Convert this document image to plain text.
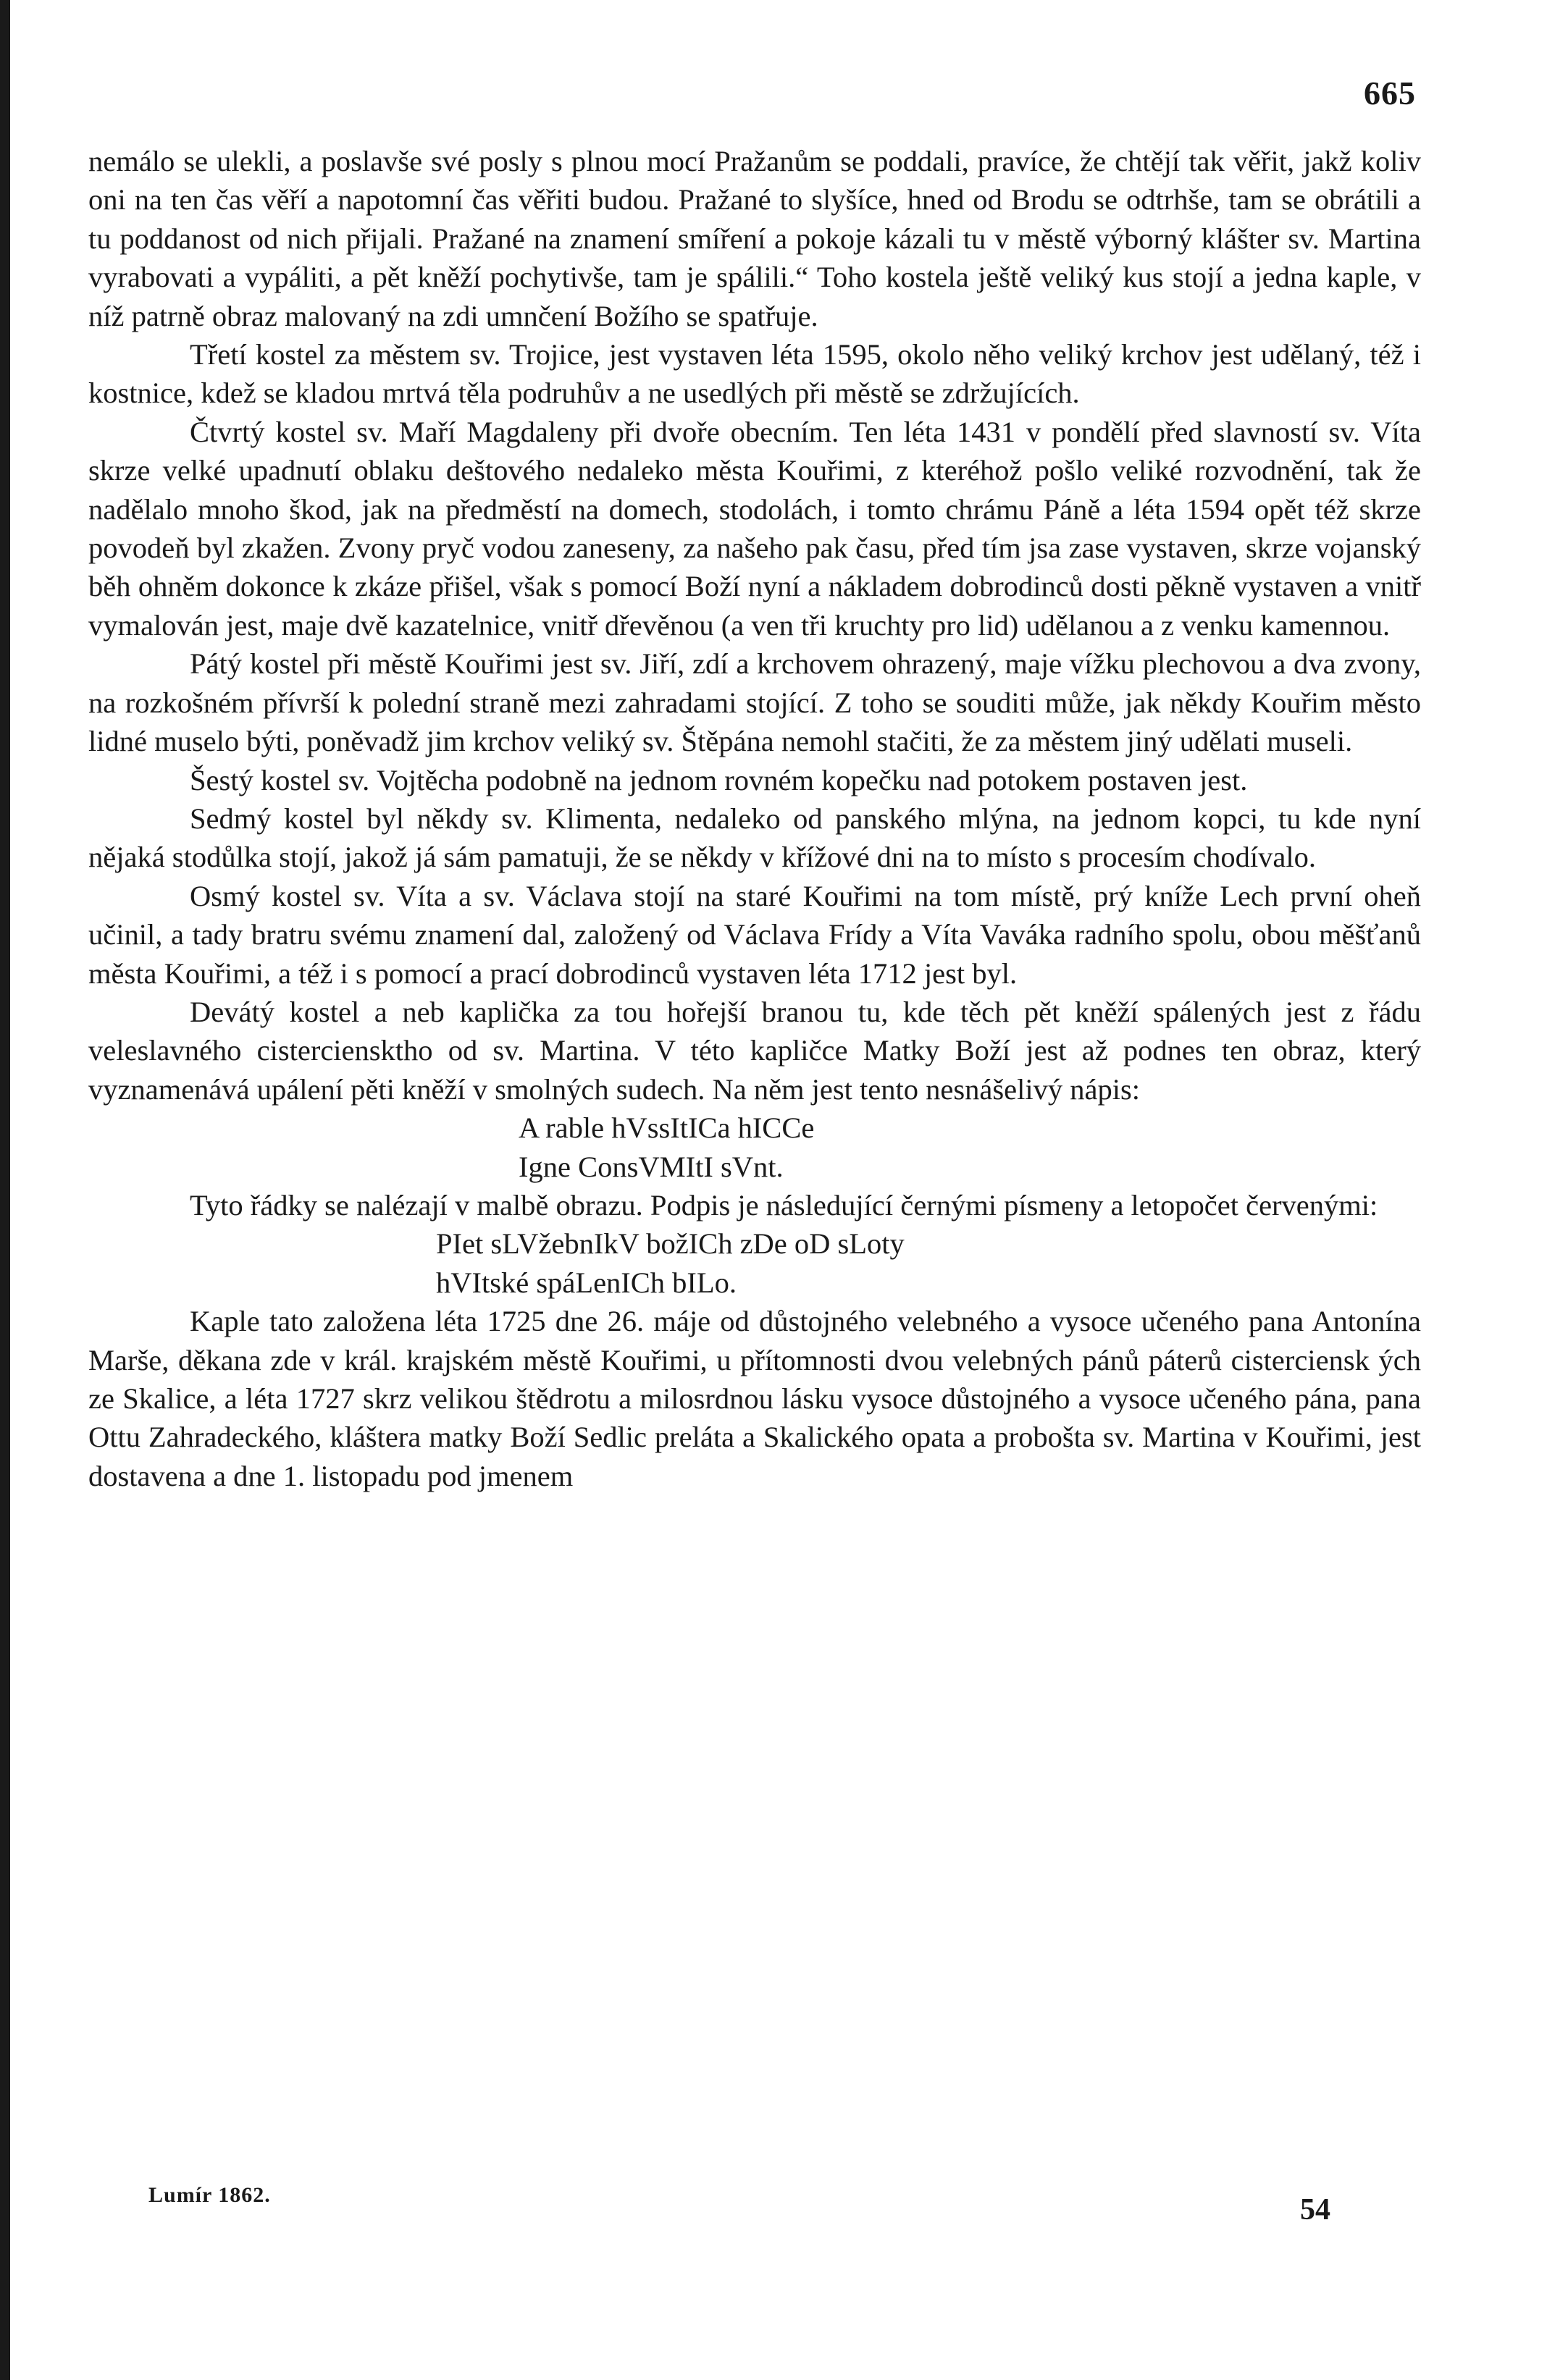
665

nemálo se ulekli, a poslavše své posly s plnou mocí Pražanům se poddali, pravíce, že chtějí tak věřit, jakž koliv oni na ten čas věří a napotomní čas věřiti budou. Pražané to slyšíce, hned od Brodu se odtrhše, tam se obrátili a tu poddanost od nich přijali. Pražané na znamení smíření a pokoje kázali tu v městě výborný klášter sv. Martina vyrabovati a vypáliti, a pět kněží pochytivše, tam je spálili.“ Toho kostela ještě veliký kus stojí a jedna kaple, v níž patrně obraz malovaný na zdi umnčení Božího se spatřuje.

Třetí kostel za městem sv. Trojice, jest vystaven léta 1595, okolo něho veliký krchov jest udělaný, též i kostnice, kdež se kladou mrtvá těla podruhův a ne usedlých při městě se zdržujících.

Čtvrtý kostel sv. Maří Magdaleny při dvoře obecním. Ten léta 1431 v pondělí před slavností sv. Víta skrze velké upadnutí oblaku deštového nedaleko města Kouřimi, z kteréhož pošlo veliké rozvodnění, tak že nadělalo mnoho škod, jak na předměstí na domech, stodolách, i tomto chrámu Páně a léta 1594 opět též skrze povodeň byl zkažen. Zvony pryč vodou zaneseny, za našeho pak času, před tím jsa zase vystaven, skrze vojanský běh ohněm dokonce k zkáze přišel, však s pomocí Boží nyní a nákladem dobrodinců dosti pěkně vystaven a vnitř vymalován jest, maje dvě kazatelnice, vnitř dřevěnou (a ven tři kruchty pro lid) udělanou a z venku kamennou.

Pátý kostel při městě Kouřimi jest sv. Jiří, zdí a krchovem ohrazený, maje vížku plechovou a dva zvony, na rozkošném přívrší k polední straně mezi zahradami stojící. Z toho se souditi může, jak někdy Kouřim město lidné muselo býti, poněvadž jim krchov veliký sv. Štěpána nemohl stačiti, že za městem jiný udělati museli.

Šestý kostel sv. Vojtěcha podobně na jednom rovném kopečku nad potokem postaven jest.

Sedmý kostel byl někdy sv. Klimenta, nedaleko od panského mlýna, na jednom kopci, tu kde nyní nějaká stodůlka stojí, jakož já sám pamatuji, že se někdy v křížové dni na to místo s procesím chodívalo.

Osmý kostel sv. Víta a sv. Václava stojí na staré Kouřimi na tom místě, prý kníže Lech první oheň učinil, a tady bratru svému znamení dal, založený od Václava Frídy a Víta Vaváka radního spolu, obou měšťanů města Kouřimi, a též i s pomocí a prací dobrodinců vystaven léta 1712 jest byl.

Devátý kostel a neb kaplička za tou hořejší branou tu, kde těch pět kněží spálených jest z řádu veleslavného cisterciensktho od sv. Martina. V této kapličce Matky Boží jest až podnes ten obraz, který vyznamenává upálení pěti kněží v smolných sudech. Na něm jest tento nesnášelivý nápis:

A rable hVssItICa hICCe
Igne ConsVMItI sVnt.

Tyto řádky se nalézají v malbě obrazu. Podpis je následující černými písmeny a letopočet červenými:

PIet sLVžebnIkV božICh zDe oD sLoty
hVItské spáLenICh bILo.

Kaple tato založena léta 1725 dne 26. máje od důstojného velebného a vysoce učeného pana Antonína Marše, děkana zde v král. krajském městě Kouřimi, u přítomnosti dvou velebných pánů páterů cisterciensk ých ze Skalice, a léta 1727 skrz velikou štědrotu a milosrdnou lásku vysoce důstojného a vysoce učeného pána, pana Ottu Zahradeckého, kláštera matky Boží Sedlic preláta a Skalického opata a probošta sv. Martina v Kouřimi, jest dostavena a dne 1. listopadu pod jmenem

Lumír 1862.	54
